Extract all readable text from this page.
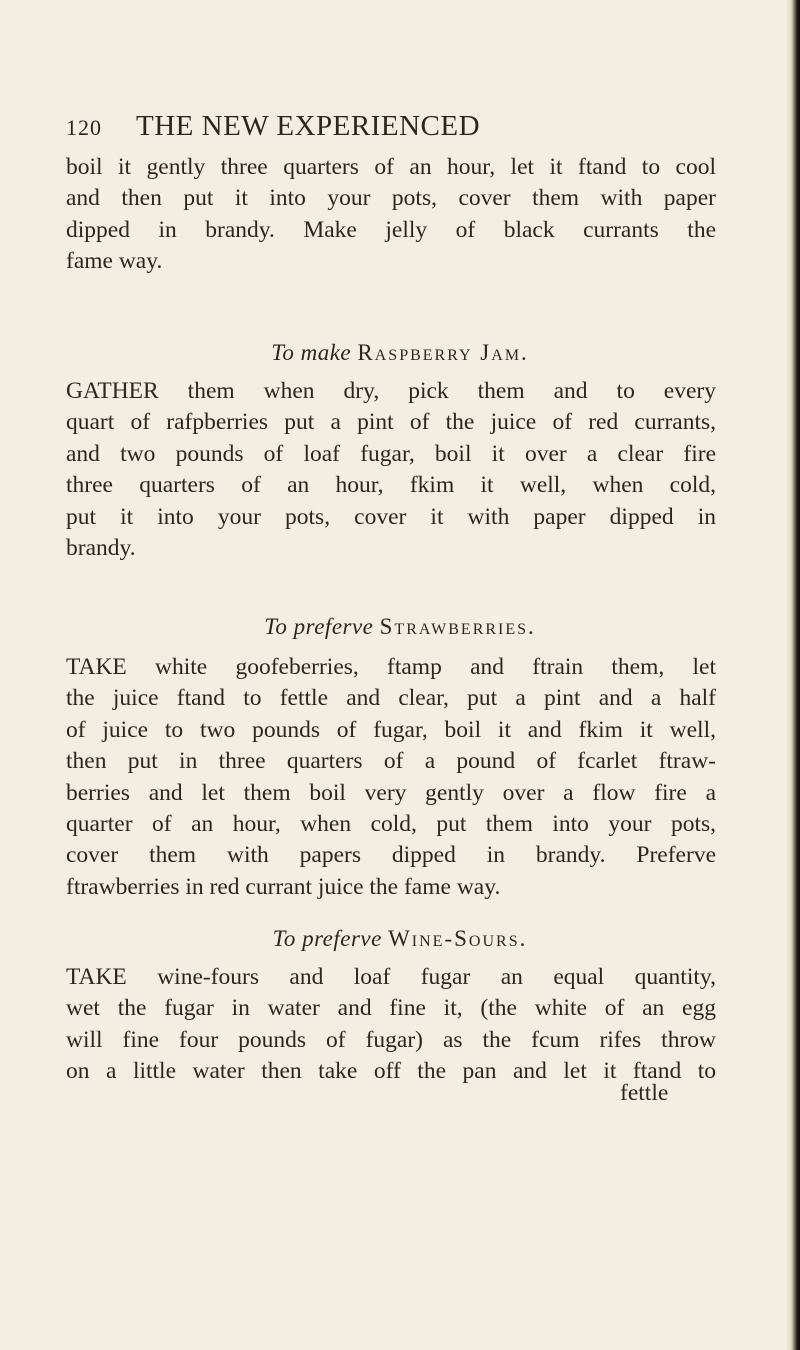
120 THE NEW EXPERIENCED
boil it gently three quarters of an hour, let it ftand to cool
and then put it into your pots, cover them with paper
dipped in brandy. Make jelly of black currants the
fame way.
To make Raspberry Jam.
GATHER them when dry, pick them and to every
quart of rafpberries put a pint of the juice of red currants,
and two pounds of loaf fugar, boil it over a clear fire
three quarters of an hour, fkim it well, when cold,
put it into your pots, cover it with paper dipped in
brandy.
To preferve Strawberries.
TAKE white goofeberries, ftamp and ftrain them, let
the juice ftand to fettle and clear, put a pint and a half
of juice to two pounds of fugar, boil it and fkim it well,
then put in three quarters of a pound of fcarlet ftraw-
berries and let them boil very gently over a flow fire a
quarter of an hour, when cold, put them into your pots,
cover them with papers dipped in brandy. Preferve
ftrawberries in red currant juice the fame way.
To preferve Wine-Sours.
TAKE wine-fours and loaf fugar an equal quantity,
wet the fugar in water and fine it, (the white of an egg
will fine four pounds of fugar) as the fcum rifes throw
on a little water then take off the pan and let it ftand to
fettle
